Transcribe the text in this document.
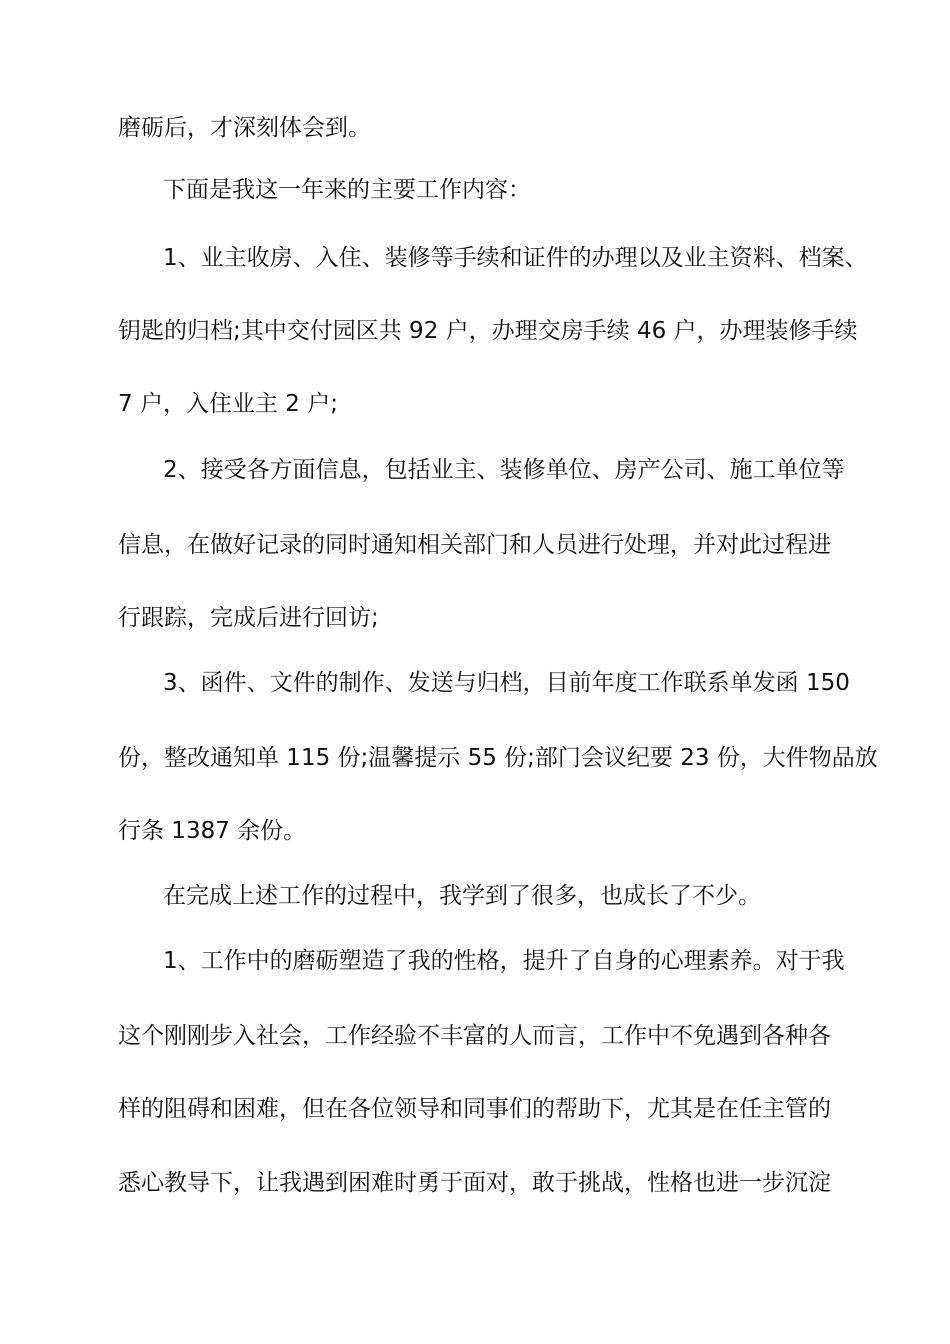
磨砺后，才深刻体会到。
下面是我这一年来的主要工作内容：
1、业主收房、入住、装修等手续和证件的办理以及业主资料、档案、
钥匙的归档;其中交付园区共 92 户，办理交房手续 46 户，办理装修手续
7 户，入住业主 2 户;
2、接受各方面信息，包括业主、装修单位、房产公司、施工单位等
信息，在做好记录的同时通知相关部门和人员进行处理，并对此过程进
行跟踪，完成后进行回访;
3、函件、文件的制作、发送与归档，目前年度工作联系单发函 150
份，整改通知单 115 份;温馨提示 55 份;部门会议纪要 23 份，大件物品放
行条 1387 余份。
在完成上述工作的过程中，我学到了很多，也成长了不少。
1、工作中的磨砺塑造了我的性格，提升了自身的心理素养。对于我
这个刚刚步入社会，工作经验不丰富的人而言，工作中不免遇到各种各
样的阻碍和困难，但在各位领导和同事们的帮助下，尤其是在任主管的
悉心教导下，让我遇到困难时勇于面对，敢于挑战，性格也进一步沉淀
